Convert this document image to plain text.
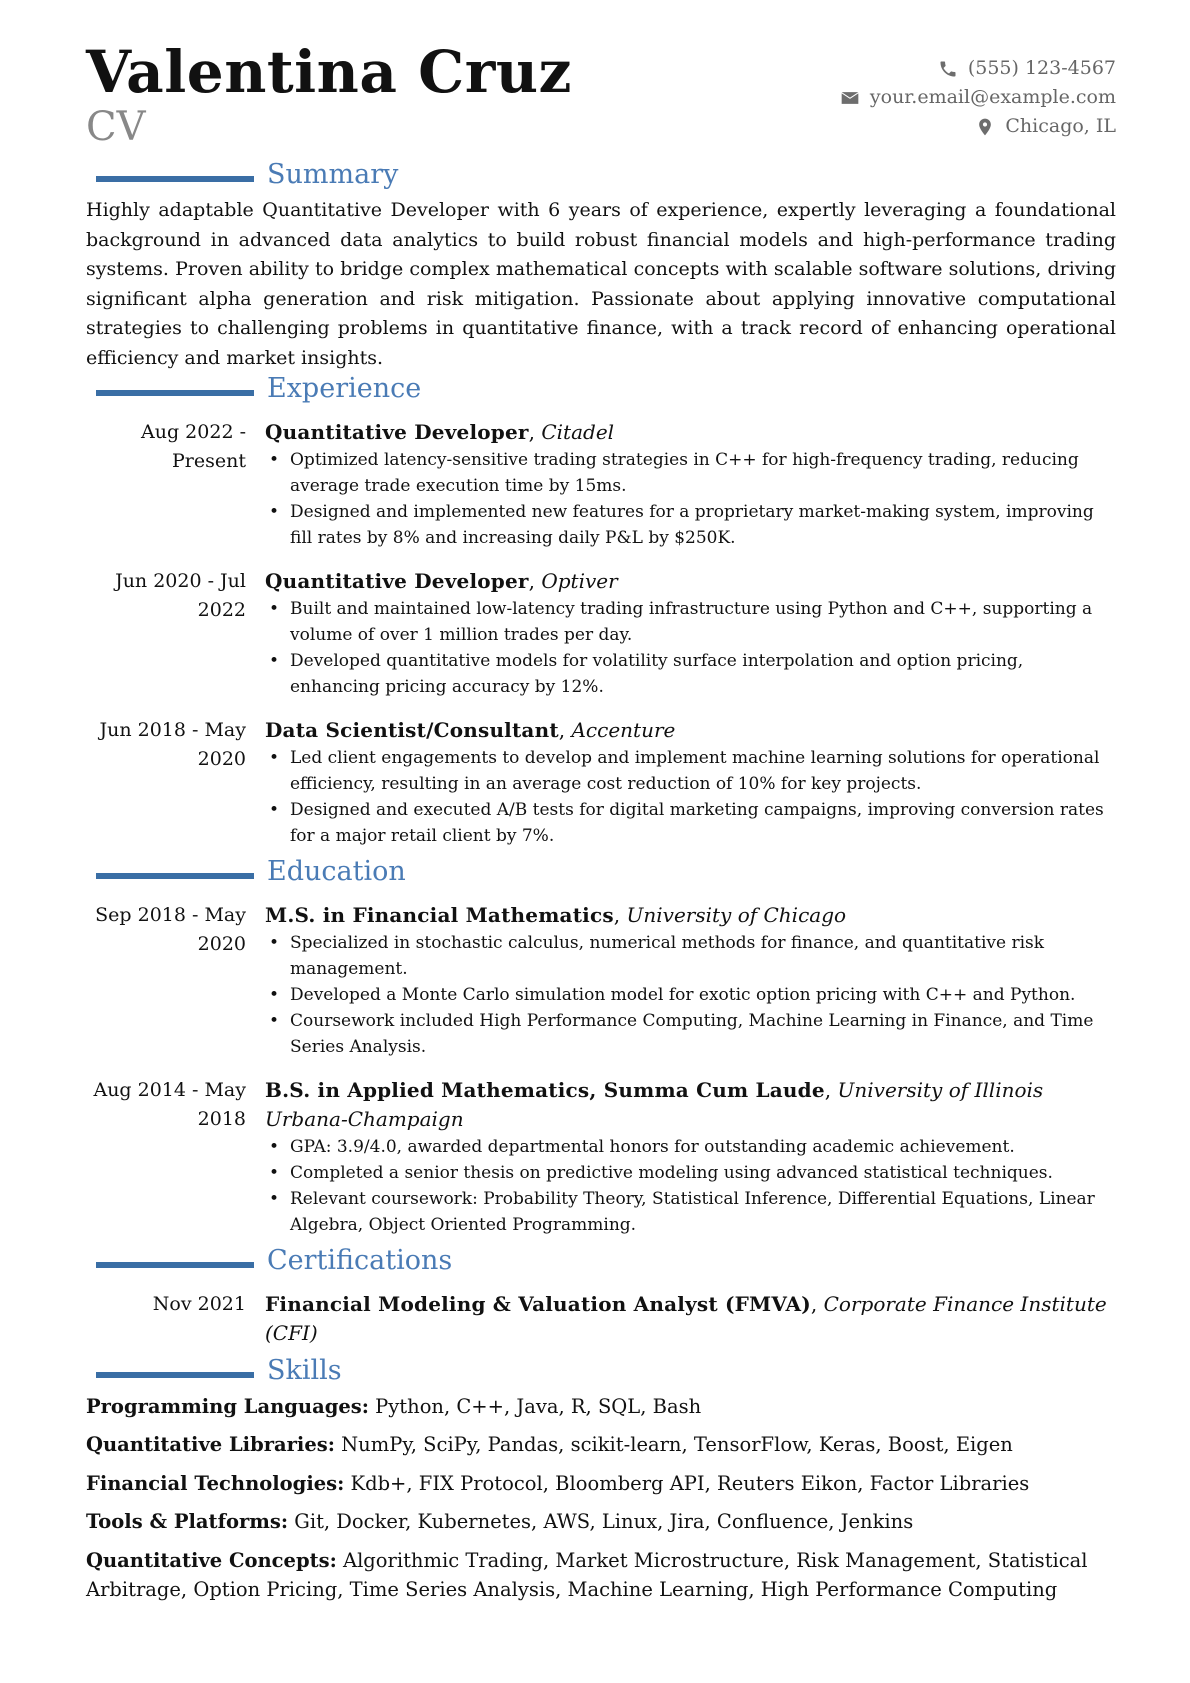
Valentina Cruz
CV
(555) 123-4567
your.email@example.com
Chicago, IL
Summary

Highly adaptable Quantitative Developer with 6 years of experience, expertly leveraging a foundational background in advanced data analytics to build robust financial models and high-performance trading systems. Proven ability to bridge complex mathematical concepts with scalable software solutions, driving significant alpha generation and risk mitigation. Passionate about applying innovative computational strategies to challenging problems in quantitative finance, with a track record of enhancing operational efficiency and market insights.

Experience
Aug 2022 - Present
Quantitative Developer, Citadel
• Optimized latency-sensitive trading strategies in C++ for high-frequency trading, reducing average trade execution time by 15ms.
• Designed and implemented new features for a proprietary market-making system, improving fill rates by 8% and increasing daily P&L by $250K.
Jun 2020 - Jul 2022
Quantitative Developer, Optiver
• Built and maintained low-latency trading infrastructure using Python and C++, supporting a volume of over 1 million trades per day.
• Developed quantitative models for volatility surface interpolation and option pricing, enhancing pricing accuracy by 12%.
Jun 2018 - May 2020
Data Scientist/Consultant, Accenture
• Led client engagements to develop and implement machine learning solutions for operational efficiency, resulting in an average cost reduction of 10% for key projects.
• Designed and executed A/B tests for digital marketing campaigns, improving conversion rates for a major retail client by 7%.
Education
Sep 2018 - May 2020
M.S. in Financial Mathematics, University of Chicago
• Specialized in stochastic calculus, numerical methods for finance, and quantitative risk management.
• Developed a Monte Carlo simulation model for exotic option pricing with C++ and Python.
• Coursework included High Performance Computing, Machine Learning in Finance, and Time Series Analysis.
Aug 2014 - May 2018
B.S. in Applied Mathematics, Summa Cum Laude, University of Illinois Urbana-Champaign
• GPA: 3.9/4.0, awarded departmental honors for outstanding academic achievement.
• Completed a senior thesis on predictive modeling using advanced statistical techniques.
• Relevant coursework: Probability Theory, Statistical Inference, Differential Equations, Linear Algebra, Object Oriented Programming.
Certifications
Nov 2021 Financial Modeling & Valuation Analyst (FMVA), Corporate Finance Institute (CFI)
Skills

Programming Languages: Python, C++, Java, R, SQL, Bash

Quantitative Libraries: NumPy, SciPy, Pandas, scikit-learn, TensorFlow, Keras, Boost, Eigen

Financial Technologies: Kdb+, FIX Protocol, Bloomberg API, Reuters Eikon, Factor Libraries

Tools & Platforms: Git, Docker, Kubernetes, AWS, Linux, Jira, Confluence, Jenkins

Quantitative Concepts: Algorithmic Trading, Market Microstructure, Risk Management, Statistical Arbitrage, Option Pricing, Time Series Analysis, Machine Learning, High Performance Computing
